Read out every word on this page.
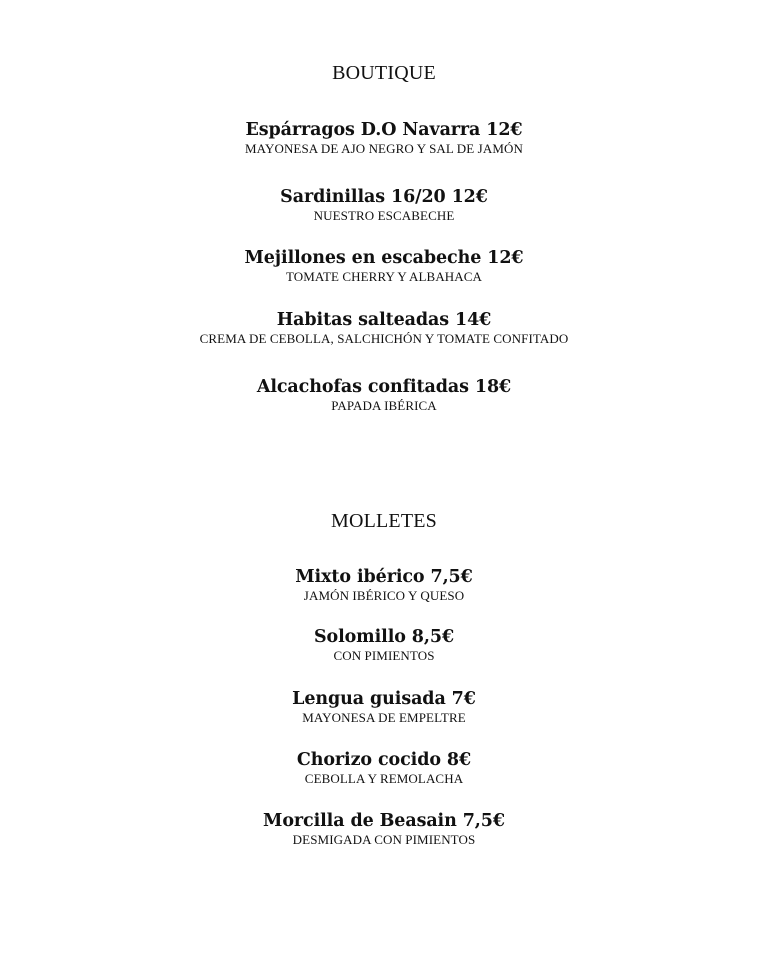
BOUTIQUE
Espárragos D.O Navarra 12€
MAYONESA DE AJO NEGRO Y SAL DE JAMÓN
Sardinillas 16/20 12€
NUESTRO ESCABECHE
Mejillones en escabeche 12€
TOMATE CHERRY Y ALBAHACA
Habitas salteadas 14€
CREMA DE CEBOLLA, SALCHICHÓN Y TOMATE CONFITADO
Alcachofas confitadas 18€
PAPADA IBÉRICA
MOLLETES
Mixto ibérico 7,5€
JAMÓN IBÉRICO Y QUESO
Solomillo 8,5€
CON PIMIENTOS
Lengua guisada 7€
MAYONESA DE EMPELTRE
Chorizo cocido 8€
CEBOLLA Y REMOLACHA
Morcilla de Beasain 7,5€
DESMIGADA CON PIMIENTOS
